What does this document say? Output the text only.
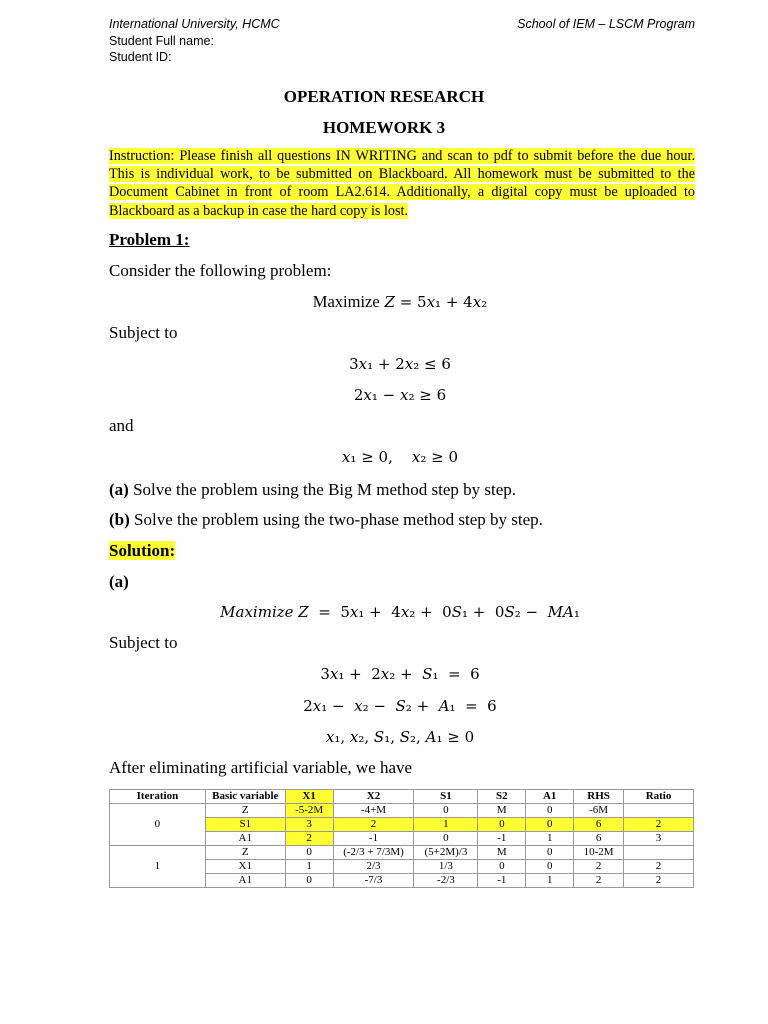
International University, HCMC	School of IEM – LSCM Program
Student Full name:
Student ID:
OPERATION RESEARCH
HOMEWORK 3
Instruction: Please finish all questions IN WRITING and scan to pdf to submit before the due hour. This is individual work, to be submitted on Blackboard. All homework must be submitted to the Document Cabinet in front of room LA2.614. Additionally, a digital copy must be uploaded to Blackboard as a backup in case the hard copy is lost.
Problem 1:
Consider the following problem:
Maximize Z = 5x₁ + 4x₂
Subject to
3x₁ + 2x₂ ≤ 6
2x₁ − x₂ ≥ 6
and
x₁ ≥ 0,    x₂ ≥ 0
(a) Solve the problem using the Big M method step by step.
(b) Solve the problem using the two-phase method step by step.
Solution:
(a)
Maximize Z  =  5x₁ +  4x₂ +  0S₁ +  0S₂ −  MA₁
Subject to
3x₁ +  2x₂ +  S₁  =  6
2x₁ −  x₂ −  S₂ +  A₁  =  6
x₁, x₂, S₁, S₂, A₁ ≥ 0
After eliminating artificial variable, we have
Iteration	Basic variable	X1	X2	S1	S2	A1	RHS	Ratio
0	Z	-5-2M	-4+M	0	M	0	-6M	
	S1	3	2	1	0	0	6	2
	A1	2	-1	0	-1	1	6	3
1	Z	0	(-2/3 + 7/3M)	(5+2M)/3	M	0	10-2M	
	X1	1	2/3	1/3	0	0	2	2
	A1	0	-7/3	-2/3	-1	1	2	2
